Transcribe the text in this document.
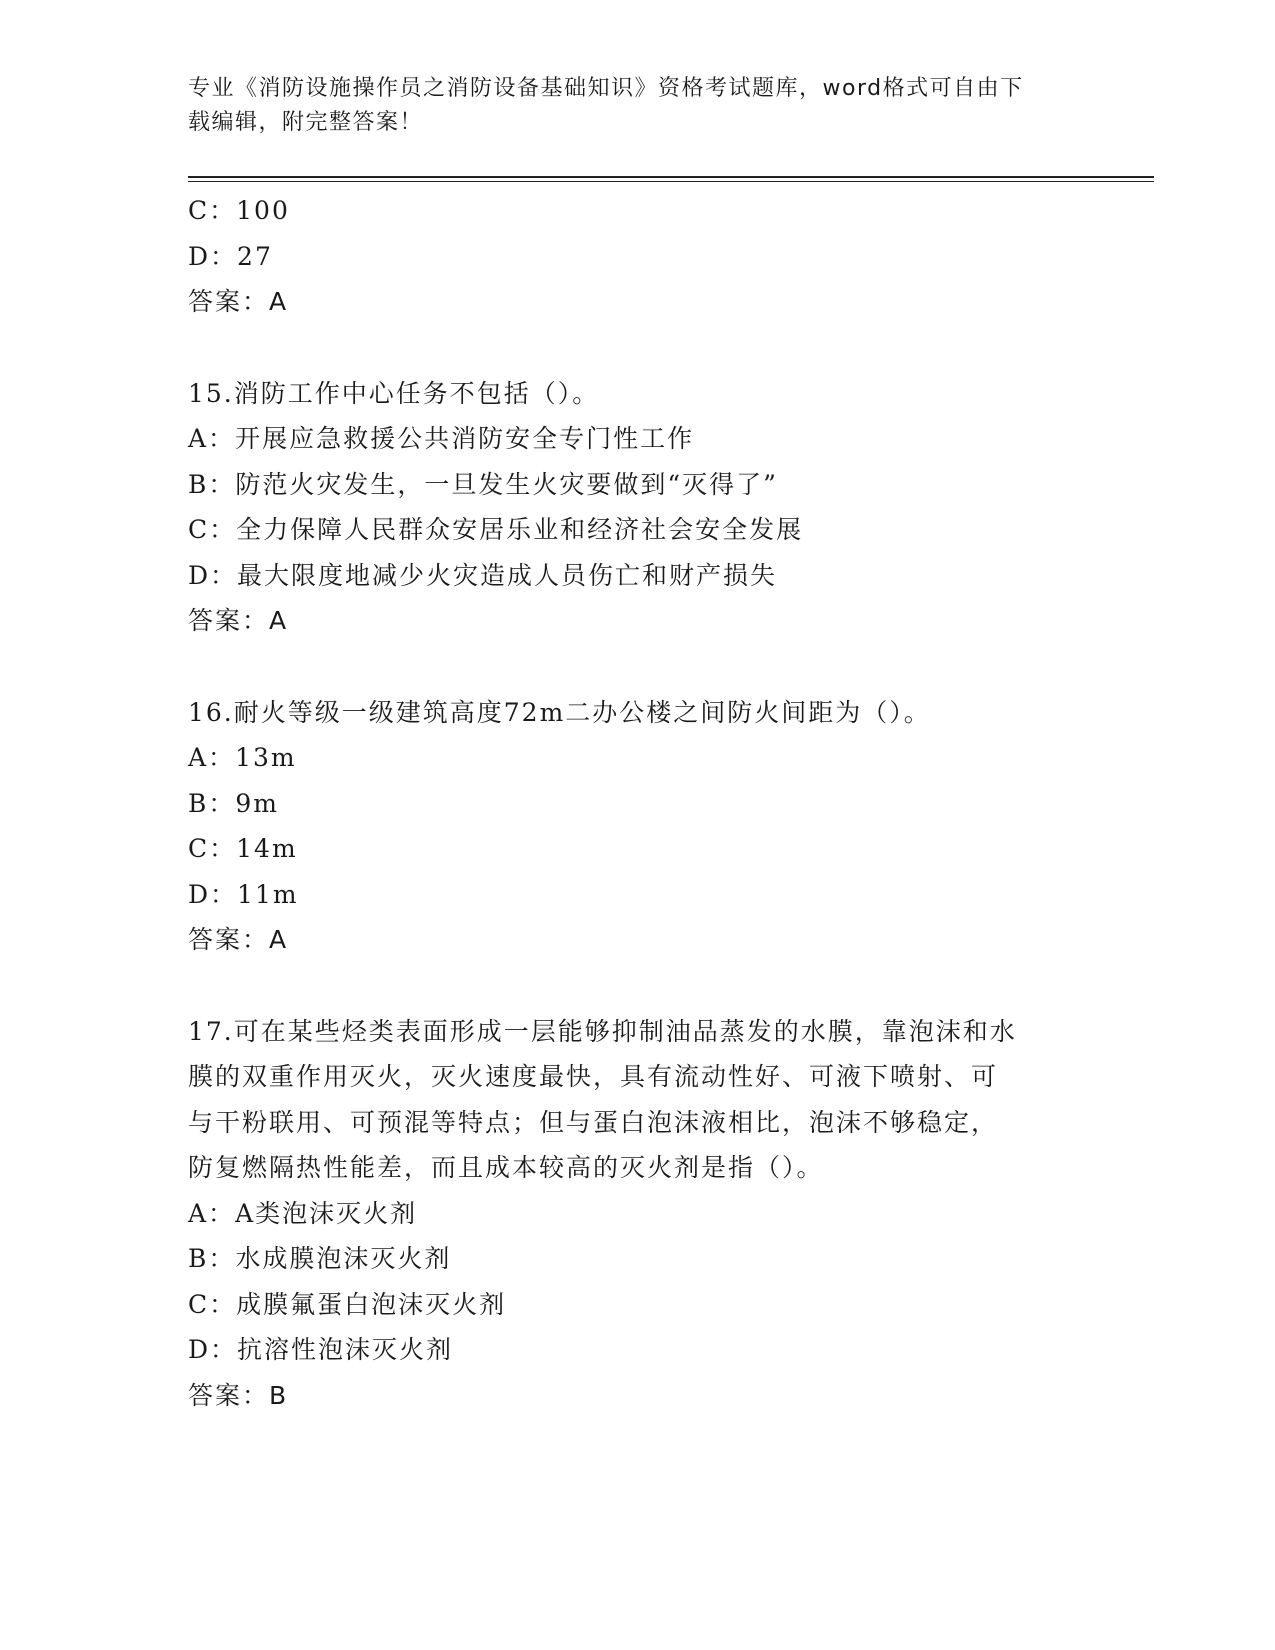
专业《消防设施操作员之消防设备基础知识》资格考试题库，word格式可自由下
载编辑，附完整答案！
C：100
D：27
答案：A
15.消防工作中心任务不包括（）。
A：开展应急救援公共消防安全专门性工作
B：防范火灾发生，一旦发生火灾要做到“灭得了”
C：全力保障人民群众安居乐业和经济社会安全发展
D：最大限度地减少火灾造成人员伤亡和财产损失
答案：A
16.耐火等级一级建筑高度72m二办公楼之间防火间距为（）。
A：13m
B：9m
C：14m
D：11m
答案：A
17.可在某些烃类表面形成一层能够抑制油品蒸发的水膜，靠泡沫和水
膜的双重作用灭火，灭火速度最快，具有流动性好、可液下喷射、可
与干粉联用、可预混等特点；但与蛋白泡沫液相比，泡沫不够稳定，
防复燃隔热性能差，而且成本较高的灭火剂是指（）。
A：A类泡沫灭火剂
B：水成膜泡沫灭火剂
C：成膜氟蛋白泡沫灭火剂
D：抗溶性泡沫灭火剂
答案：B
